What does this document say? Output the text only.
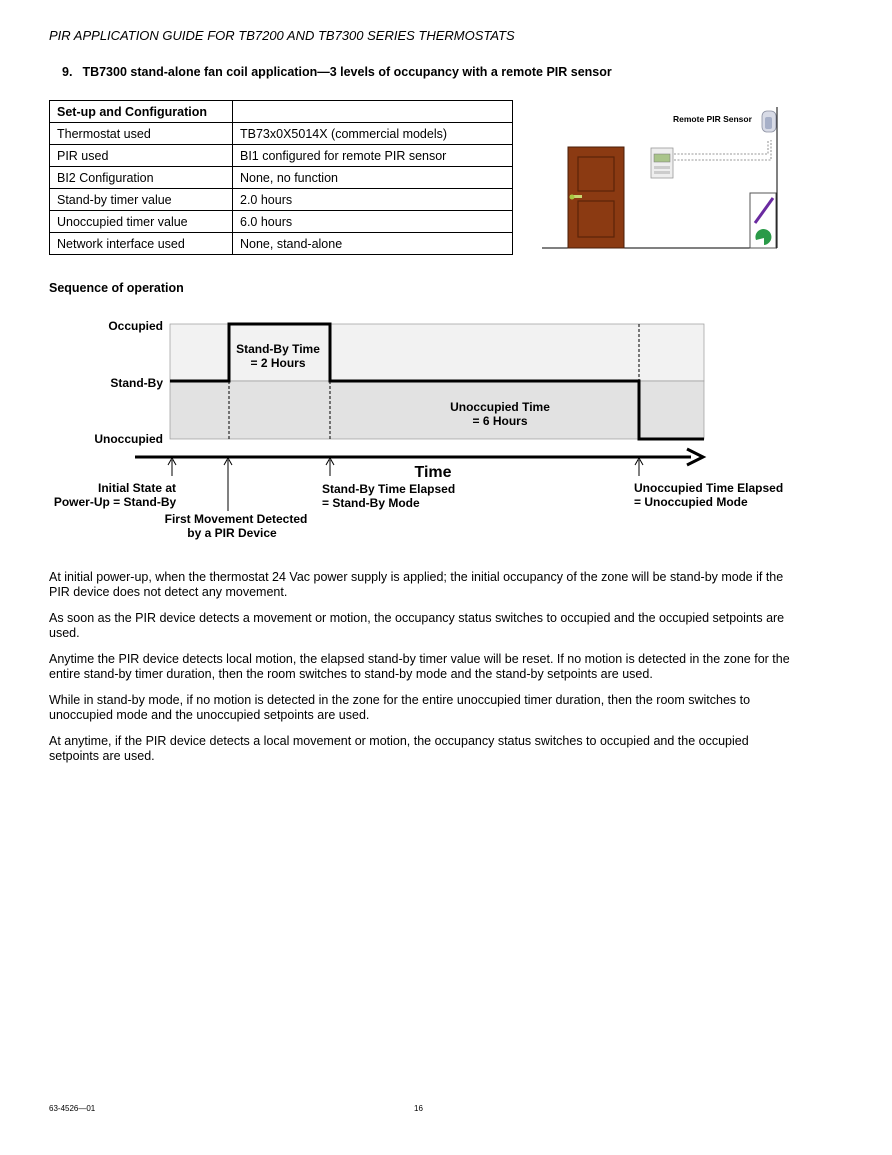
PIR APPLICATION GUIDE FOR TB7200 AND TB7300 SERIES THERMOSTATS
9. TB7300 stand-alone fan coil application—3 levels of occupancy with a remote PIR sensor
Set-up and Configuration	
Thermostat used	TB73x0X5014X (commercial models)
PIR used	BI1 configured for remote PIR sensor
BI2 Configuration	None, no function
Stand-by timer value	2.0 hours
Unoccupied timer value	6.0 hours
Network interface used	None, stand-alone
Remote PIR Sensor
Sequence of operation
Occupied
Stand-By
Unoccupied
Stand-By Time
= 2 Hours
Unoccupied Time
= 6 Hours
Time
Initial State at
Power-Up = Stand-By
First Movement Detected
by a PIR Device
Stand-By Time Elapsed
= Stand-By Mode
Unoccupied Time Elapsed
= Unoccupied Mode

At initial power-up, when the thermostat 24 Vac power supply is applied; the initial occupancy of the zone will be stand-by mode if the PIR device does not detect any movement.

As soon as the PIR device detects a movement or motion, the occupancy status switches to occupied and the occupied setpoints are used.

Anytime the PIR device detects local motion, the elapsed stand-by timer value will be reset. If no motion is detected in the zone for the entire stand-by timer duration, then the room switches to stand-by mode and the stand-by setpoints are used.

While in stand-by mode, if no motion is detected in the zone for the entire unoccupied timer duration, then the room switches to unoccupied mode and the unoccupied setpoints are used.

At anytime, if the PIR device detects a local movement or motion, the occupancy status switches to occupied and the occupied setpoints are used.

63-4526—01	16
